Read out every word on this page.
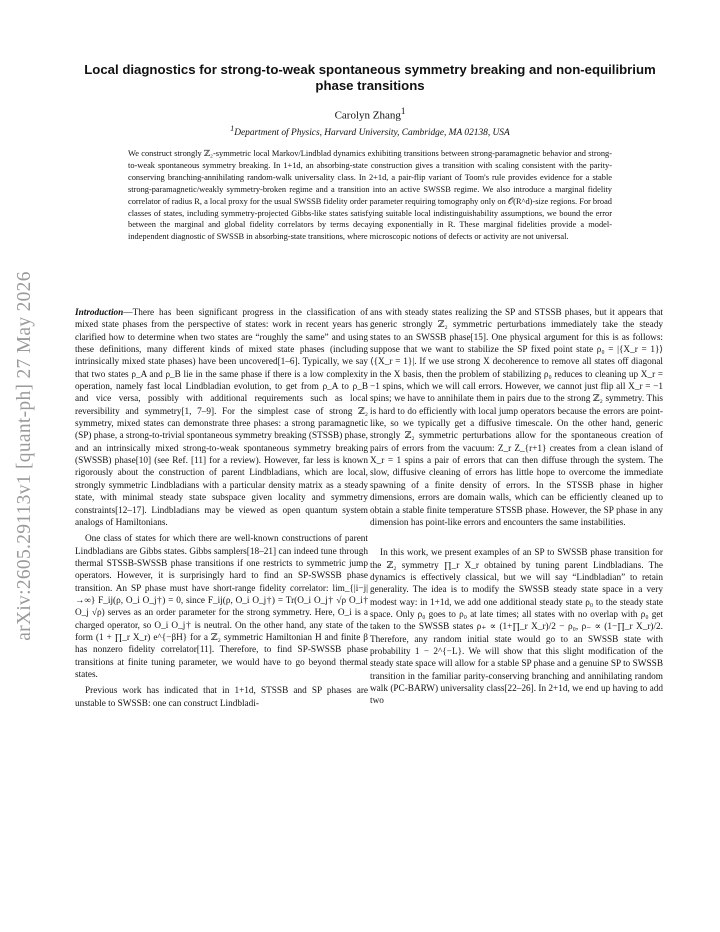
arXiv:2605.29113v1 [quant-ph] 27 May 2026
Local diagnostics for strong-to-weak spontaneous symmetry breaking and non-equilibrium phase transitions
Carolyn Zhang$^1$
$^1$Department of Physics, Harvard University, Cambridge, MA 02138, USA

We construct strongly ℤ₂-symmetric local Markov/Lindblad dynamics exhibiting transitions between strong-paramagnetic behavior and strong-to-weak spontaneous symmetry breaking. In 1+1d, an absorbing-state construction gives a transition with scaling consistent with the parity-conserving branching-annihilating random-walk universality class. In 2+1d, a pair-flip variant of Toom's rule provides evidence for a stable strong-paramagnetic/weakly symmetry-broken regime and a transition into an active SWSSB regime. We also introduce a marginal fidelity correlator of radius R, a local proxy for the usual SWSSB fidelity order parameter requiring tomography only on 𝒪(R^d)-size regions. For broad classes of states, including symmetry-projected Gibbs-like states satisfying suitable local indistinguishability assumptions, we bound the error between the marginal and global fidelity correlators by terms decaying exponentially in R. These marginal fidelities provide a model-independent diagnostic of SWSSB in absorbing-state transitions, where microscopic notions of defects or activity are not universal.

Introduction—There has been significant progress in the classification of mixed state phases from the perspective of states: work in recent years has clarified how to determine when two states are “roughly the same” and using these definitions, many different kinds of mixed state phases (including intrinsically mixed state phases) have been uncovered[1–6]. Typically, we say that two states ρ_A and ρ_B lie in the same phase if there is a low complexity operation, namely fast local Lindbladian evolution, to get from ρ_A to ρ_B and vice versa, possibly with additional requirements such as local reversibility and symmetry[1, 7–9]. For the simplest case of strong ℤ₂ symmetry, mixed states can demonstrate three phases: a strong paramagnetic (SP) phase, a strong-to-trivial spontaneous symmetry breaking (STSSB) phase, and an intrinsically mixed strong-to-weak spontaneous symmetry breaking (SWSSB) phase[10] (see Ref. [11] for a review). However, far less is known rigorously about the construction of parent Lindbladians, which are local, strongly symmetric Lindbladians with a particular density matrix as a steady state, with minimal steady state subspace given locality and symmetry constraints[12–17]. Lindbladians may be viewed as open quantum system analogs of Hamiltonians.

One class of states for which there are well-known constructions of parent Lindbladians are Gibbs states. Gibbs samplers[18–21] can indeed tune through thermal STSSB-SWSSB phase transitions if one restricts to symmetric jump operators. However, it is surprisingly hard to find an SP-SWSSB phase transition. An SP phase must have short-range fidelity correlator: lim_{|i−j|→∞} F_ij(ρ, O_i O_j†) = 0, since F_ij(ρ, O_i O_j†) = Tr(O_i O_j† √ρ O_i† O_j √ρ) serves as an order parameter for the strong symmetry. Here, O_i is a charged operator, so O_i O_j† is neutral. On the other hand, any state of the form (1 + ∏_r X_r) e^{−βH} for a ℤ₂ symmetric Hamiltonian H and finite β has nonzero fidelity correlator[11]. Therefore, to find SP-SWSSB phase transitions at finite tuning parameter, we would have to go beyond thermal states.

Previous work has indicated that in 1+1d, STSSB and SP phases are unstable to SWSSB: one can construct Lindbladi-

ans with steady states realizing the SP and STSSB phases, but it appears that generic strongly ℤ₂ symmetric perturbations immediately take the steady states to an SWSSB phase[15]. One physical argument for this is as follows: suppose that we want to stabilize the SP fixed point state ρ₀ = |{X_r = 1}⟩⟨{X_r = 1}|. If we use strong X decoherence to remove all states off diagonal in the X basis, then the problem of stabilizing ρ₀ reduces to cleaning up X_r = −1 spins, which we will call errors. However, we cannot just flip all X_r = −1 spins; we have to annihilate them in pairs due to the strong ℤ₂ symmetry. This is hard to do efficiently with local jump operators because the errors are point-like, so we typically get a diffusive timescale. On the other hand, generic strongly ℤ₂ symmetric perturbations allow for the spontaneous creation of pairs of errors from the vacuum: Z_r Z_{r+1} creates from a clean island of X_r = 1 spins a pair of errors that can then diffuse through the system. The slow, diffusive cleaning of errors has little hope to overcome the immediate spawning of a finite density of errors. In the STSSB phase in higher dimensions, errors are domain walls, which can be efficiently cleaned up to obtain a stable finite temperature STSSB phase. However, the SP phase in any dimension has point-like errors and encounters the same instabilities.

In this work, we present examples of an SP to SWSSB phase transition for the ℤ₂ symmetry ∏_r X_r obtained by tuning parent Lindbladians. The dynamics is effectively classical, but we will say “Lindbladian” to retain generality. The idea is to modify the SWSSB steady state space in a very modest way: in 1+1d, we add one additional steady state ρ₀ to the steady state space. Only ρ₀ goes to ρ₀ at late times; all states with no overlap with ρ₀ get taken to the SWSSB states ρ₊ ∝ (1+∏_r X_r)/2 − ρ₀, ρ₋ ∝ (1−∏_r X_r)/2. Therefore, any random initial state would go to an SWSSB state with probability 1 − 2^{−L}. We will show that this slight modification of the steady state space will allow for a stable SP phase and a genuine SP to SWSSB transition in the familiar parity-conserving branching and annihilating random walk (PC-BARW) universality class[22–26]. In 2+1d, we end up having to add two
